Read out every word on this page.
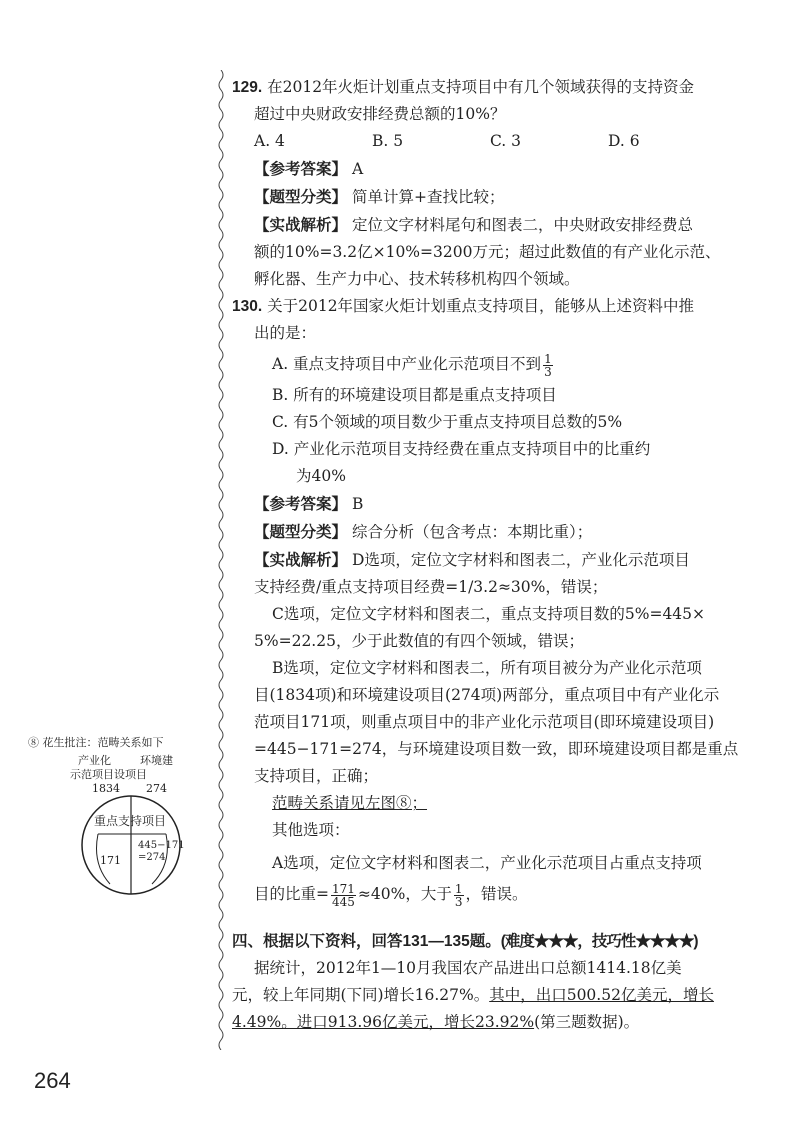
129. 在2012年火炬计划重点支持项目中有几个领域获得的支持资金
超过中央财政安排经费总额的10%？
A. 4	B. 5	C. 3	D. 6
【参考答案】 A
【题型分类】 简单计算+查找比较；
【实战解析】 定位文字材料尾句和图表二，中央财政安排经费总
额的10%=3.2亿×10%=3200万元；超过此数值的有产业化示范、
孵化器、生产力中心、技术转移机构四个领域。
130. 关于2012年国家火炬计划重点支持项目，能够从上述资料中推
出的是：
A. 重点支持项目中产业化示范项目不到 $\frac{1}{3}$
B. 所有的环境建设项目都是重点支持项目
C. 有5个领域的项目数少于重点支持项目总数的5%
D. 产业化示范项目支持经费在重点支持项目中的比重约
为40%
【参考答案】 B
【题型分类】 综合分析（包含考点：本期比重）；
【实战解析】 D选项，定位文字材料和图表二，产业化示范项目
支持经费/重点支持项目经费=1/3.2≈30%，错误；
C选项，定位文字材料和图表二，重点支持项目数的5%=445×
5%=22.25，少于此数值的有四个领域，错误；
B选项，定位文字材料和图表二，所有项目被分为产业化示范项
目(1834项)和环境建设项目(274项)两部分，重点项目中有产业化示
范项目171项，则重点项目中的非产业化示范项目(即环境建设项目)
=445−171=274，与环境建设项目数一致，即环境建设项目都是重点
支持项目，正确；
范畴关系请见左图⑧；
其他选项：
A选项，定位文字材料和图表二，产业化示范项目占重点支持项
目的比重= $\frac{171}{445} \approx 40\%$，大于 $\frac{1}{3}$ ，错误。
四、根据以下资料，回答131—135题。(难度★★★，技巧性★★★★)
据统计，2012年1—10月我国农产品进出口总额1414.18亿美
元，较上年同期(下同)增长16.27%。其中，出口500.52亿美元，增长
4.49%。进口913.96亿美元，增长23.92%(第三题数据)。
⑧ 花生批注：范畴关系如下
产业化	环境建
示范项目设项目
1834 274
重点支持项目
171
445−171
=274
264
